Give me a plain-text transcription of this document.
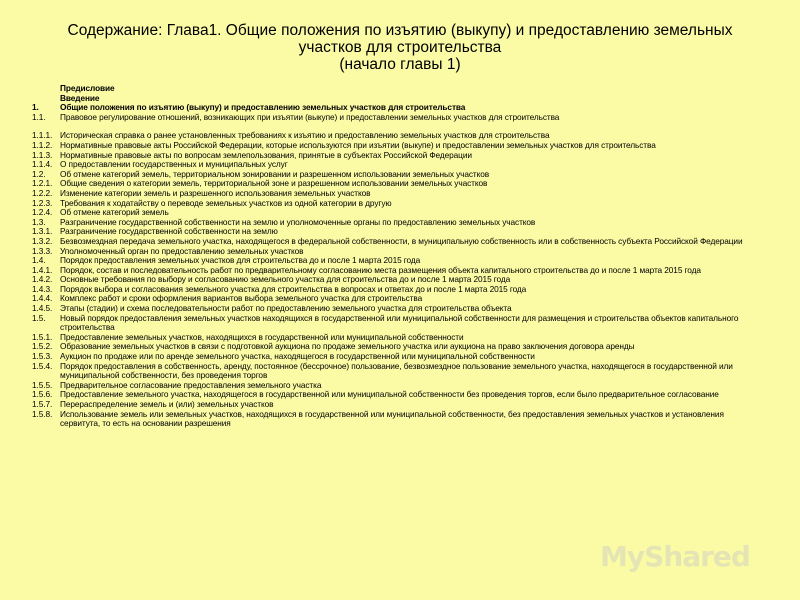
Содержание: Глава1. Общие положения по изъятию (выкупу) и предоставлению земельных
участков для строительства
(начало главы 1)
Предисловие
Введение
1.	Общие положения по изъятию (выкупу) и предоставлению земельных участков для строительства
1.1.	Правовое регулирование отношений, возникающих при изъятии (выкупе) и предоставлении земельных участков для строительства
1.1.1. Историческая справка о ранее установленных требованиях к изъятию и предоставлению земельных участков для строительства
1.1.2. Нормативные правовые акты Российской Федерации, которые используются при изъятии (выкупе) и предоставлении земельных участков для строительства
1.1.3. Нормативные правовые акты по вопросам землепользования, принятые в субъектах Российской Федерации
1.1.4. О предоставлении государственных и муниципальных услуг
1.2.	Об отмене категорий земель, территориальном зонировании и разрешенном использовании земельных участков
1.2.1. Общие сведения о категории земель, территориальной зоне и разрешенном использовании земельных участков
1.2.2. Изменение категории земель и разрешенного использования земельных участков
1.2.3. Требования к ходатайству о переводе земельных участков из одной категории в другую
1.2.4. Об отмене категорий земель
1.3.	Разграничение государственной собственности на землю и уполномоченные органы по предоставлению земельных участков
1.3.1. Разграничение государственной собственности на землю
1.3.2. Безвозмездная передача земельного участка, находящегося в федеральной собственности, в муниципальную собственность или в собственность субъекта Российской Федерации
1.3.3. Уполномоченный орган по предоставлению земельных участков
1.4.	Порядок предоставления земельных участков для строительства до и после 1 марта 2015 года
1.4.1. Порядок, состав и последовательность работ по предварительному согласованию места размещения объекта капитального строительства до и после 1 марта 2015 года
1.4.2. Основные требования по выбору и согласованию земельного участка для строительства до и после 1 марта 2015 года
1.4.3. Порядок выбора и согласования земельного участка для строительства в вопросах и ответах до и после 1 марта 2015 года
1.4.4. Комплекс работ и сроки оформления вариантов выбора земельного участка для строительства
1.4.5. Этапы (стадии) и схема последовательности работ по предоставлению земельного участка для строительства объекта
1.5.	Новый порядок предоставления земельных участков находящихся в государственной или муниципальной собственности для размещения и строительства объектов капитального строительства
1.5.1. Предоставление земельных участков, находящихся в государственной или муниципальной собственности
1.5.2. Образование земельных участков в связи с подготовкой аукциона по продаже земельного участка или аукциона на право заключения договора аренды
1.5.3. Аукцион по продаже или по аренде земельного участка, находящегося в государственной или муниципальной собственности
1.5.4. Порядок предоставления в собственность, аренду, постоянное (бессрочное) пользование, безвозмездное пользование земельного участка, находящегося в государственной или муниципальной собственности, без проведения торгов
1.5.5. Предварительное согласование предоставления земельного участка
1.5.6. Предоставление земельного участка, находящегося в государственной или муниципальной собственности без проведения торгов, если было предварительное согласование
1.5.7. Перераспределение земель и (или) земельных участков
1.5.8. Использование земель или земельных участков, находящихся в государственной или муниципальной собственности, без предоставления земельных участков и установления сервитута, то есть на основании разрешения
MyShared
